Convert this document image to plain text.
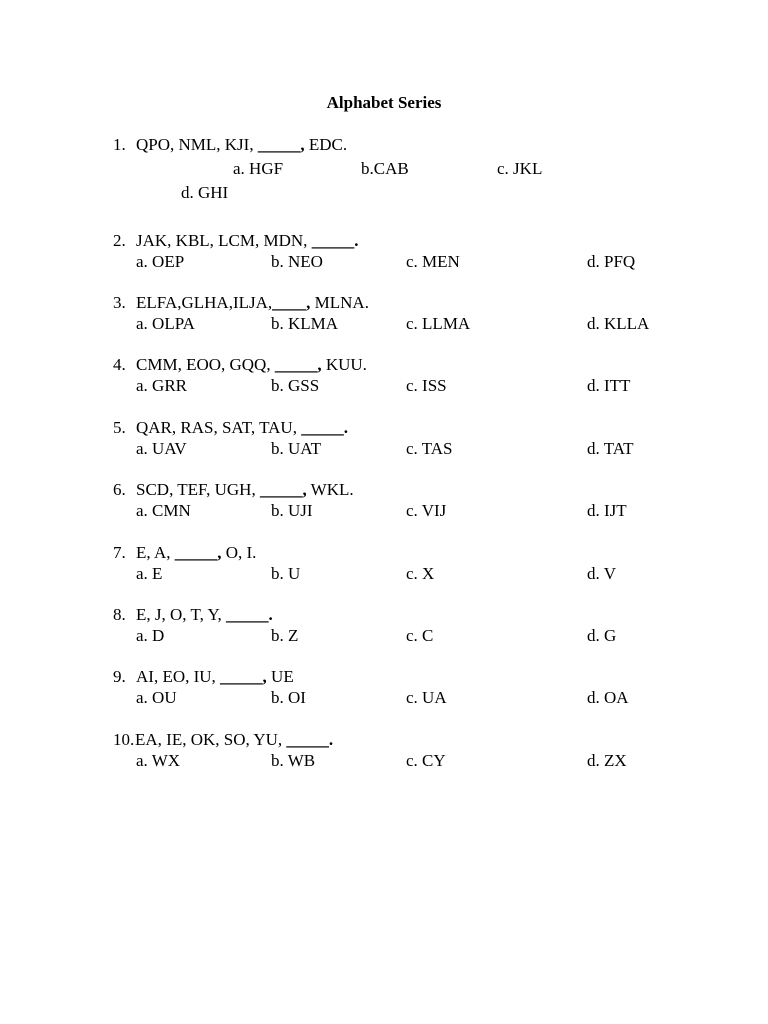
Alphabet Series
1. QPO, NML, KJI, _____, EDC.
a. HGF	b.CAB	c. JKL
d. GHI
2. JAK, KBL, LCM, MDN, _____.
a. OEP	b. NEO	c. MEN	d. PFQ
3. ELFA,GLHA,ILJA,____, MLNA.
a. OLPA	b. KLMA	c. LLMA	d. KLLA
4. CMM, EOO, GQQ, _____, KUU.
a. GRR	b. GSS	c. ISS	d. ITT
5. QAR, RAS, SAT, TAU, _____.
a. UAV	b. UAT	c. TAS	d. TAT
6. SCD, TEF, UGH, _____, WKL.
a. CMN	b. UJI	c. VIJ	d. IJT
7. E, A, _____, O, I.
a. E	b. U	c. X	d. V
8. E, J, O, T, Y, _____.
a. D	b. Z	c. C	d. G
9. AI, EO, IU, _____, UE
a. OU	b. OI	c. UA	d. OA
10. EA, IE, OK, SO, YU, _____.
a. WX	b. WB	c. CY	d. ZX
